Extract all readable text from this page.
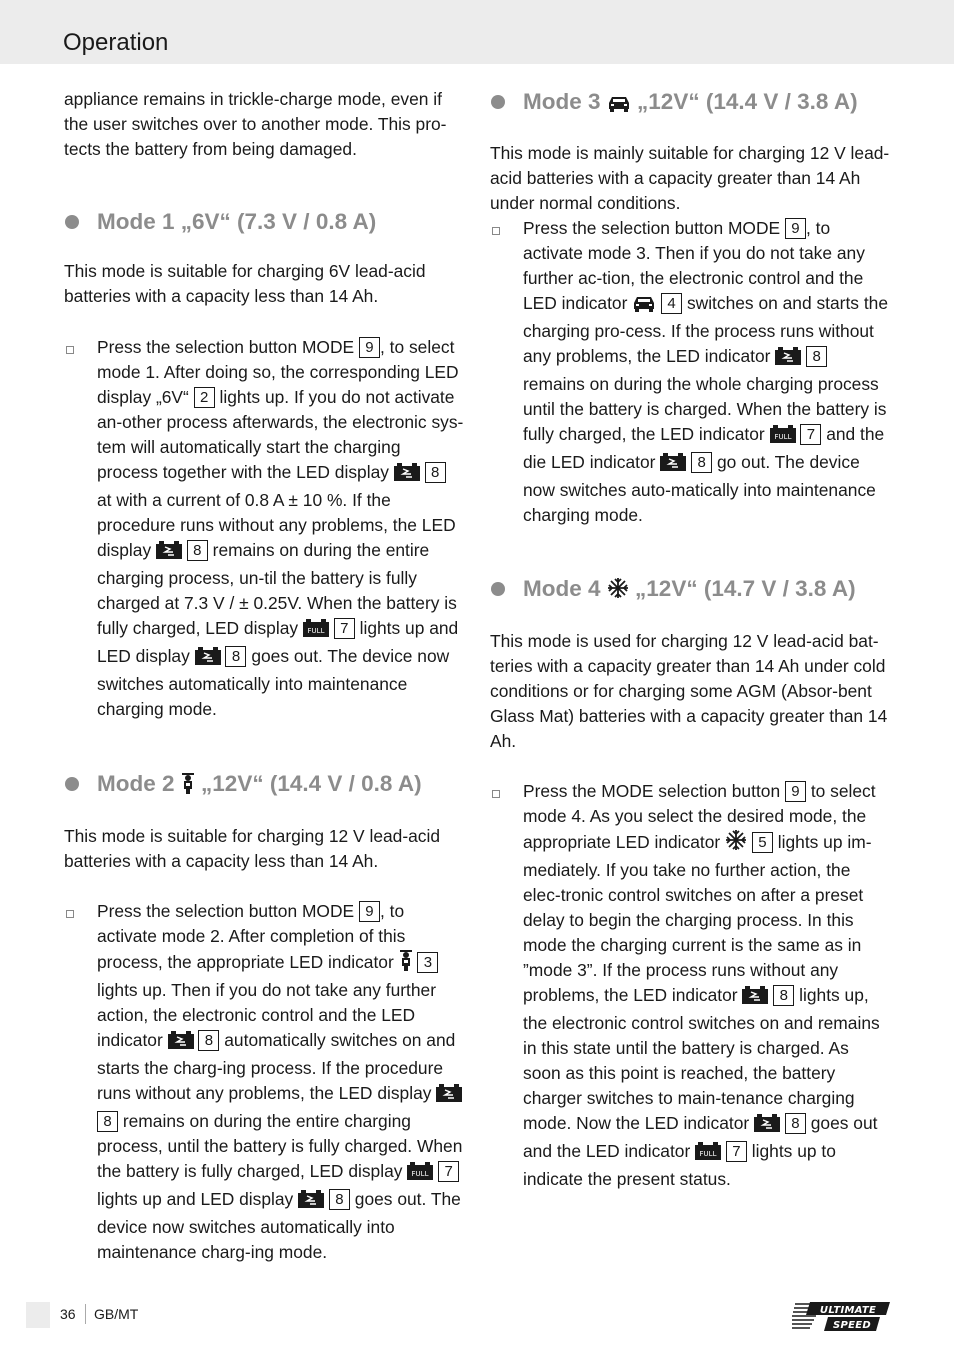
Operation

appliance remains in trickle-charge mode, even if the user switches over to another mode. This pro-tects the battery from being damaged.

Mode 1 „6V“ (7.3 V / 0.8 A)

This mode is suitable for charging 6V lead-acid batteries with a capacity less than 14 Ah.

Press the selection button MODE 9 , to select mode 1. After doing so, the corresponding LED display „6V“ 2 lights up. If you do not activate an-other process afterwards, the electronic sys-tem will automatically start the charging process together with the LED display	8 at with a current of 0.8 A ± 10 %. If the procedure runs without any problems, the LED display	8 remains on during the entire charging process, un-til the battery is fully charged at 7.3 V / ± 0.25V. When the battery is fully charged, LED display FULL 7 lights up and LED display	8 goes out. The device now switches automatically into maintenance charging mode.
Mode 2 „12V“ (14.4 V / 0.8 A)

This mode is suitable for charging 12 V lead-acid batteries with a capacity less than 14 Ah.

Press the selection button MODE 9 , to activate mode 2. After completion of this process, the appropriate LED indicator 3 lights up. Then if you do not take any further action, the electronic control and the LED indicator	8 automatically switches on and starts the charg-ing process. If the procedure runs without any problems, the LED display  8 remains on during the entire charging process, until the battery is fully charged. When the battery is fully charged, LED display FULL 7 lights up and LED display	8 goes out. The device now switches automatically into maintenance charg-ing mode.
Mode 3 „12V“ (14.4 V / 3.8 A)

This mode is mainly suitable for charging 12 V lead-acid batteries with a capacity greater than 14 Ah under normal conditions.

Press the selection button MODE 9 , to activate mode 3. Then if you do not take any further ac-tion, the electronic control and the LED indicator	4 switches on and starts the charging pro-cess. If the process runs without any problems, the LED indicator	8 remains on during the whole charging process until the battery is charged. When the battery is fully charged, the LED indicator FULL 7 and the die LED indicator	8 go out. The device now switches auto-matically into maintenance charging mode.
Mode 4 „12V“ (14.7 V / 3.8 A)

This mode is used for charging 12 V lead-acid bat-teries with a capacity greater than 14 Ah under cold conditions or for charging some AGM (Absor-bent Glass Mat) batteries with a capacity greater than 14 Ah.

Press the MODE selection button 9 to select mode 4. As you select the desired mode, the appropriate LED indicator	5 lights up im-mediately. If you take no further action, the elec-tronic control switches on after a preset delay to begin the charging process. In this mode the charging current is the same as in ”mode 3”. If the process runs without any problems, the LED indicator	8 lights up, the electronic control switches on and remains in this state until the battery is charged. As soon as this point is reached, the battery charger switches to main-tenance charging mode. Now the LED indicator	8 goes out and the LED indicator FULL 7 lights up to indicate the present status.
36 GB/MT	ULTIMATE
SPEED
